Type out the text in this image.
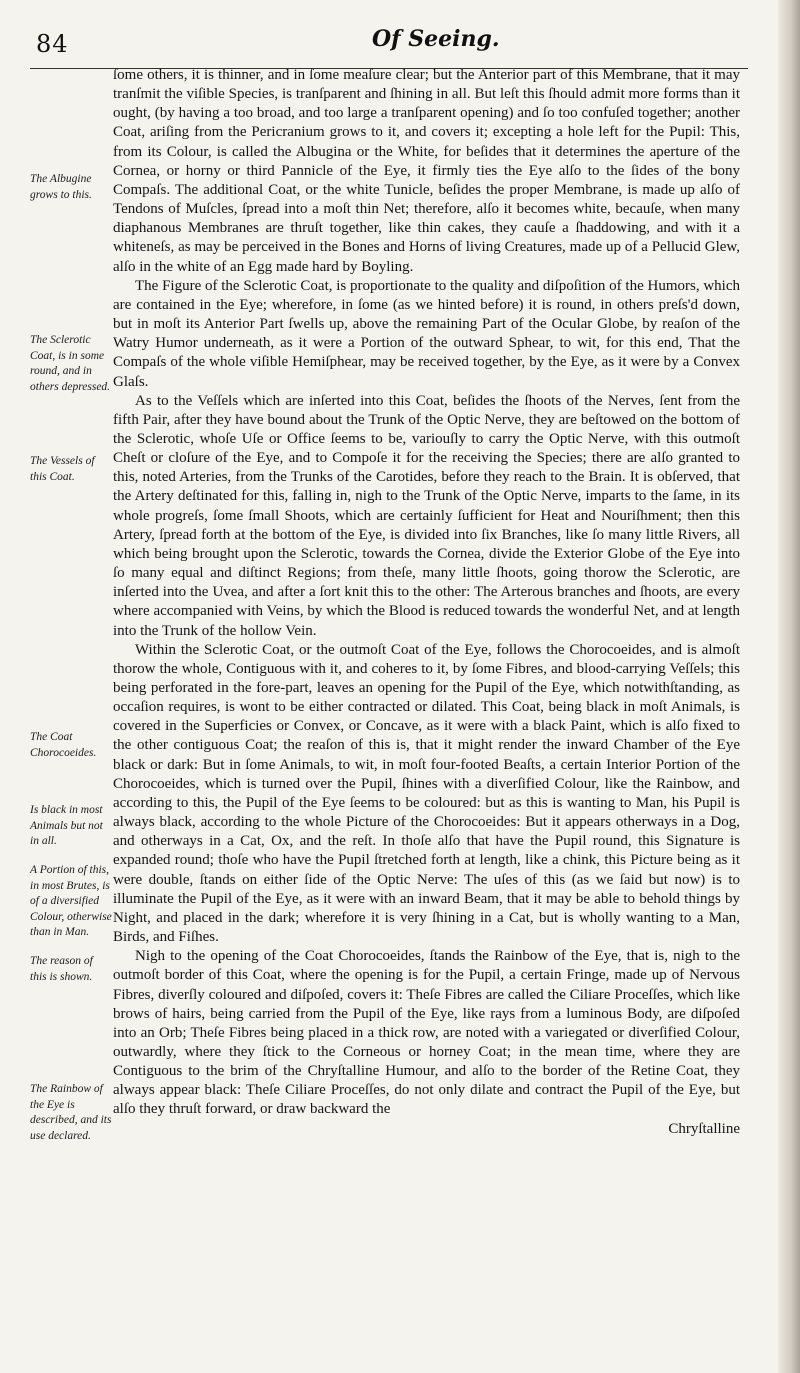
84	Of Seeing.
The Albugine grows to this.
The Sclerotic Coat, is in some round, and in others depressed.
The Vessels of this Coat.
The Coat Chorocoeides.
Is black in most Animals but not in all.
A Portion of this, in most Brutes, is of a diversified Colour, otherwise than in Man.
The reason of this is shown.
The Rainbow of the Eye is described, and its use declared.

ſome others, it is thinner, and in ſome meaſure clear; but the Anterior part of this Membrane, that it may tranſmit the viſible Species, is tranſparent and ſhining in all. But leſt this ſhould admit more forms than it ought, (by having a too broad, and too large a tranſparent opening) and ſo too confuſed together; another Coat, ariſing from the Pericranium grows to it, and covers it; excepting a hole left for the Pupil: This, from its Colour, is called the Albugina or the White, for beſides that it determines the aperture of the Cornea, or horny or third Pannicle of the Eye, it firmly ties the Eye alſo to the ſides of the bony Compaſs. The additional Coat, or the white Tunicle, beſides the proper Membrane, is made up alſo of Tendons of Muſcles, ſpread into a moſt thin Net; therefore, alſo it becomes white, becauſe, when many diaphanous Membranes are thruſt together, like thin cakes, they cauſe a ſhaddowing, and with it a whiteneſs, as may be perceived in the Bones and Horns of living Creatures, made up of a Pellucid Glew, alſo in the white of an Egg made hard by Boyling.

The Figure of the Sclerotic Coat, is proportionate to the quality and diſpoſition of the Humors, which are contained in the Eye; wherefore, in ſome (as we hinted before) it is round, in others preſs'd down, but in moſt its Anterior Part ſwells up, above the remaining Part of the Ocular Globe, by reaſon of the Watry Humor underneath, as it were a Portion of the outward Sphear, to wit, for this end, That the Compaſs of the whole viſible Hemiſphear, may be received together, by the Eye, as it were by a Convex Glaſs.

As to the Veſſels which are inſerted into this Coat, beſides the ſhoots of the Nerves, ſent from the fifth Pair, after they have bound about the Trunk of the Optic Nerve, they are beſtowed on the bottom of the Sclerotic, whoſe Uſe or Office ſeems to be, variouſly to carry the Optic Nerve, with this outmoſt Cheſt or cloſure of the Eye, and to Compoſe it for the receiving the Species; there are alſo granted to this, noted Arteries, from the Trunks of the Carotides, before they reach to the Brain. It is obſerved, that the Artery deſtinated for this, falling in, nigh to the Trunk of the Optic Nerve, imparts to the ſame, in its whole progreſs, ſome ſmall Shoots, which are certainly ſufficient for Heat and Nouriſhment; then this Artery, ſpread forth at the bottom of the Eye, is divided into ſix Branches, like ſo many little Rivers, all which being brought upon the Sclerotic, towards the Cornea, divide the Exterior Globe of the Eye into ſo many equal and diſtinct Regions; from theſe, many little ſhoots, going thorow the Sclerotic, are inſerted into the Uvea, and after a ſort knit this to the other: The Arterous branches and ſhoots, are every where accompanied with Veins, by which the Blood is reduced towards the wonderful Net, and at length into the Trunk of the hollow Vein.

Within the Sclerotic Coat, or the outmoſt Coat of the Eye, follows the Chorocoeides, and is almoſt thorow the whole, Contiguous with it, and coheres to it, by ſome Fibres, and blood-carrying Veſſels; this being perforated in the fore-part, leaves an opening for the Pupil of the Eye, which notwithſtanding, as occaſion requires, is wont to be either contracted or dilated. This Coat, being black in moſt Animals, is covered in the Superficies or Convex, or Concave, as it were with a black Paint, which is alſo fixed to the other contiguous Coat; the reaſon of this is, that it might render the inward Chamber of the Eye black or dark: But in ſome Animals, to wit, in moſt four-footed Beaſts, a certain Interior Portion of the Chorocoeides, which is turned over the Pupil, ſhines with a diverſified Colour, like the Rainbow, and according to this, the Pupil of the Eye ſeems to be coloured: but as this is wanting to Man, his Pupil is always black, according to the whole Picture of the Chorocoeides: But it appears otherways in a Dog, and otherways in a Cat, Ox, and the reſt. In thoſe alſo that have the Pupil round, this Signature is expanded round; thoſe who have the Pupil ſtretched forth at length, like a chink, this Picture being as it were double, ſtands on either ſide of the Optic Nerve: The uſes of this (as we ſaid but now) is to illuminate the Pupil of the Eye, as it were with an inward Beam, that it may be able to behold things by Night, and placed in the dark; wherefore it is very ſhining in a Cat, but is wholly wanting to a Man, Birds, and Fiſhes.

Nigh to the opening of the Coat Chorocoeides, ſtands the Rainbow of the Eye, that is, nigh to the outmoſt border of this Coat, where the opening is for the Pupil, a certain Fringe, made up of Nervous Fibres, diverſly coloured and diſpoſed, covers it: Theſe Fibres are called the Ciliare Proceſſes, which like brows of hairs, being carried from the Pupil of the Eye, like rays from a luminous Body, are diſpoſed into an Orb; Theſe Fibres being placed in a thick row, are noted with a variegated or diverſified Colour, outwardly, where they ſtick to the Corneous or horney Coat; in the mean time, where they are Contiguous to the brim of the Chryſtalline Humour, and alſo to the border of the Retine Coat, they always appear black: Theſe Ciliare Proceſſes, do not only dilate and contract the Pupil of the Eye, but alſo they thruſt forward, or draw backward the

Chryſtalline
